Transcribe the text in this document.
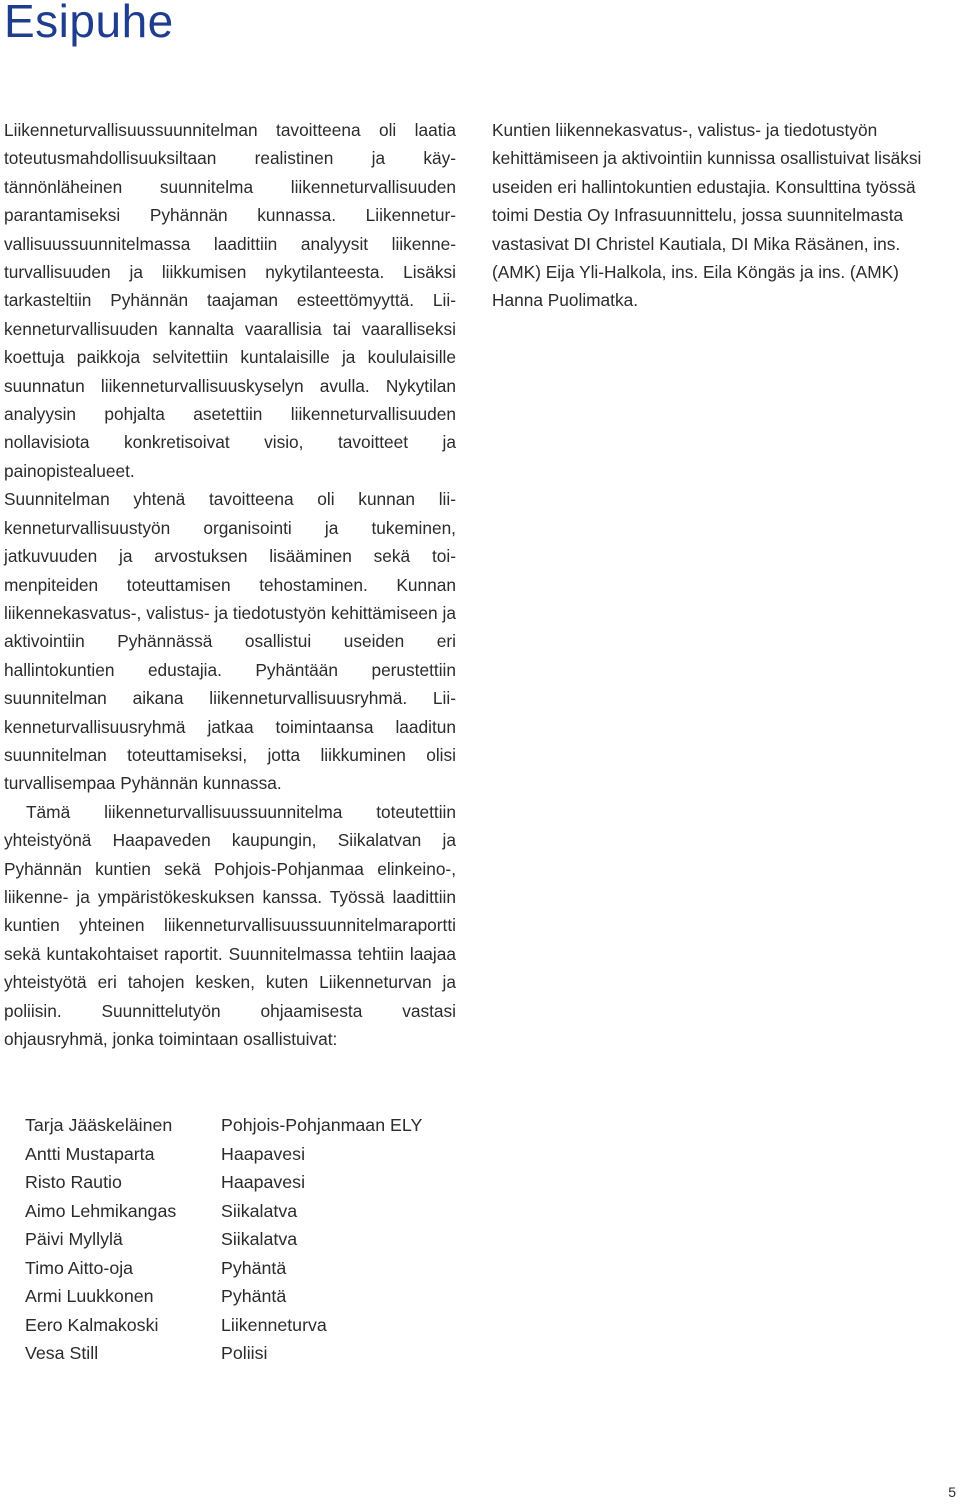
Esipuhe

Liikenneturvallisuussuunnitelman tavoitteena oli laatia toteutusmahdollisuuksiltaan realistinen ja käytännönläheinen suunnitelma liikenneturvallisuuden parantamiseksi Pyhännän kunnassa. Liikenneturvallisuussuunnitelmassa laadittiin analyysit liikenneturvallisuuden ja liikkumisen nykytilanteesta. Lisäksi tarkasteltiin Pyhännän taajaman esteettömyyttä. Liikenneturvallisuuden kannalta vaarallisia tai vaaralliseksi koettuja paikkoja selvitettiin kuntalaisille ja koululaisille suunnatun liikenneturvallisuuskyselyn avulla. Nykytilan analyysin pohjalta asetettiin liikenneturvallisuuden nollavisiota konkretisoivat visio, tavoitteet ja painopistealueet.

Suunnitelman yhtenä tavoitteena oli kunnan liikenneturvallisuustyön organisointi ja tukeminen, jatkuvuuden ja arvostuksen lisääminen sekä toimenpiteiden toteuttamisen tehostaminen. Kunnan liikennekasvatus-, valistus- ja tiedotustyön kehittämiseen ja aktivointiin Pyhännässä osallistui useiden eri hallintokuntien edustajia. Pyhäntään perustettiin suunnitelman aikana liikenneturvallisuusryhmä. Liikenneturvallisuusryhmä jatkaa toimintaansa laaditun suunnitelman toteuttamiseksi, jotta liikkuminen olisi turvallisempaa Pyhännän kunnassa.

Tämä liikenneturvallisuussuunnitelma toteutettiin yhteistyönä Haapaveden kaupungin, Siikalatvan ja Pyhännän kuntien sekä Pohjois-Pohjanmaa elinkeino-, liikenne- ja ympäristökeskuksen kanssa. Työssä laadittiin kuntien yhteinen liikenneturvallisuussuunnitelmaraportti sekä kuntakohtaiset raportit. Suunnitelmassa tehtiin laajaa yhteistyötä eri tahojen kesken, kuten Liikenneturvan ja poliisin. Suunnittelutyön ohjaamisesta vastasi ohjausryhmä, jonka toimintaan osallistuivat:

Kuntien liikennekasvatus-, valistus- ja tiedotustyön kehittämiseen ja aktivointiin kunnissa osallistuivat lisäksi useiden eri hallintokuntien edustajia. Konsulttina työssä toimi Destia Oy Infrasuunnittelu, jossa suunnitelmasta vastasivat DI Christel Kautiala, DI Mika Räsänen, ins. (AMK) Eija Yli-Halkola, ins. Eila Köngäs ja ins. (AMK) Hanna Puolimatka.

Tarja Jääskeläinen	Pohjois-Pohjanmaan ELY
Antti Mustaparta	Haapavesi
Risto Rautio	Haapavesi
Aimo Lehmikangas	Siikalatva
Päivi Myllylä	Siikalatva
Timo Aitto-oja	Pyhäntä
Armi Luukkonen	Pyhäntä
Eero Kalmakoski	Liikenneturva
Vesa Still	Poliisi
5
